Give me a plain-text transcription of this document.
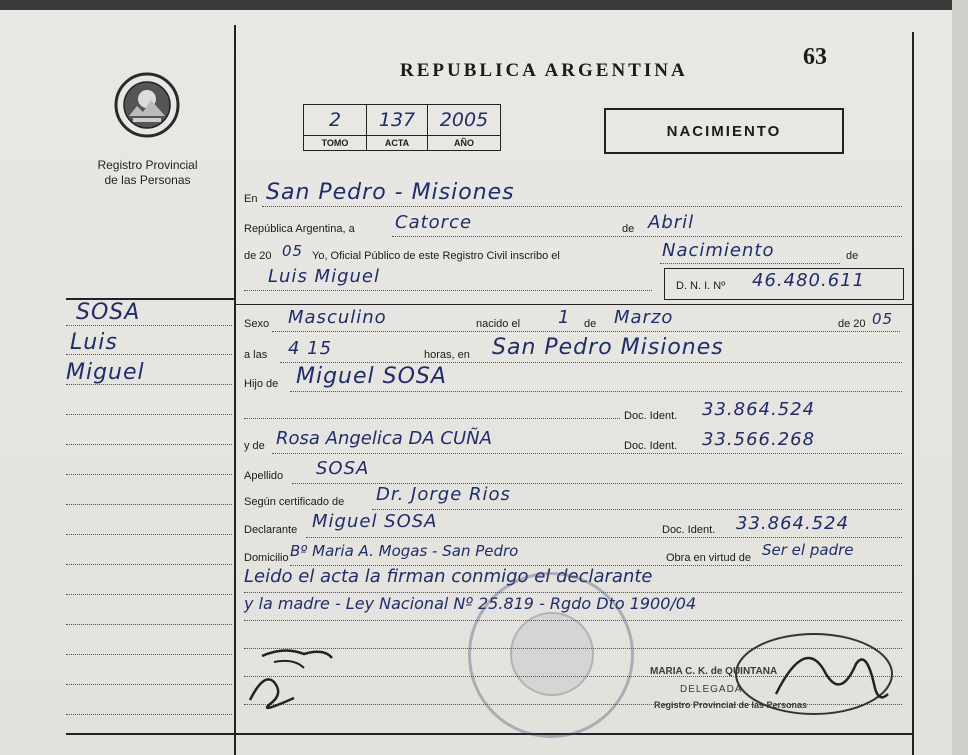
Registro Provincial
de las Personas
REPUBLICA ARGENTINA
63
2	137	2005
TOMO	ACTA	AÑO
NACIMIENTO
SOSA
Luis
Miguel
En San Pedro - Misiones
República Argentina, a Catorce	de Abril
de 20 05 Yo, Oficial Público de este Registro Civil inscribo el	Nacimiento	de
Luis Miguel	D. N. I. Nº 46.480.611
Sexo Masculino	nacido el 1 de Marzo	de 20 05
a las 4 15	horas, en San Pedro Misiones
Hijo de Miguel SOSA
Doc. Ident. 33.864.524
y de Rosa Angelica DA CUÑA	Doc. Ident. 33.566.268
Apellido SOSA
Según certificado de Dr. Jorge Rios
Declarante Miguel SOSA	Doc. Ident. 33.864.524
Domicilio Bº Maria A. Mogas - San Pedro	Obra en virtud de Ser el padre
Leido el acta la firman conmigo el declarante
y la madre - Ley Nacional Nº 25.819 - Rgdo Dto 1900/04
MARIA C. K. de QUINTANA
DELEGADA
Registro Provincial de las Personas
